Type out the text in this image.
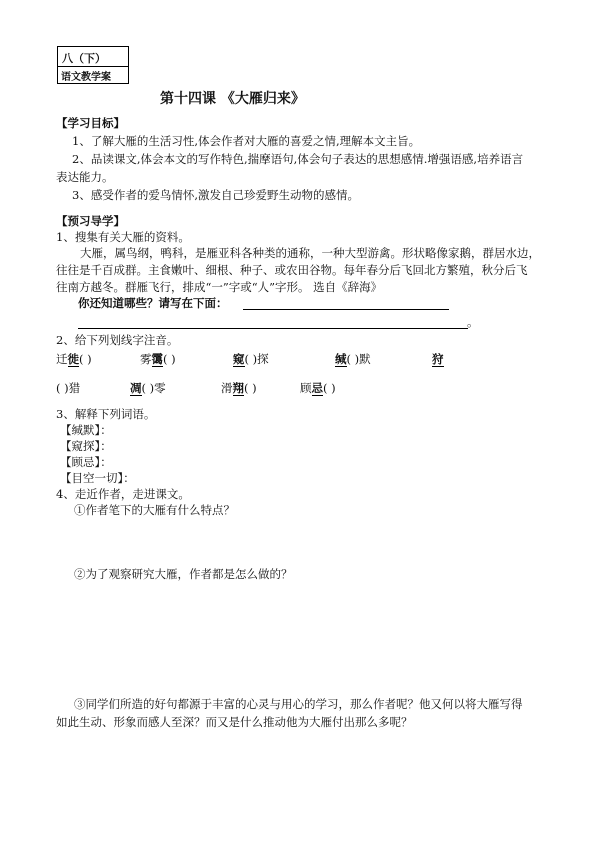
八（下）
语文教学案
第十四课 《大雁归来》
【学习目标】
1、了解大雁的生活习性,体会作者对大雁的喜爱之情,理解本文主旨。
2、品读课文,体会本文的写作特色,揣摩语句,体会句子表达的思想感情.增强语感,培养语言
表达能力。
3、感受作者的爱鸟情怀,激发自己珍爱野生动物的感情。
【预习导学】
1、搜集有关大雁的资料。
大雁，属鸟纲，鸭科，是雁亚科各种类的通称，一种大型游禽。形状略像家鹅，群居水边，
往往是千百成群。主食嫩叶、细根、种子、或农田谷物。每年春分后飞回北方繁殖，秋分后飞
往南方越冬。群雁飞行，排成“一”字或“人”字形。 选自《辞海》
你还知道哪些？请写在下面：
。
2、给下列划线字注音。
迁徙( )	雾霭( )	窥( )探	缄( )默	狩
( )猎	凋( )零	滑翔( )	顾忌( )
3、解释下列词语。
【缄默】：
【窥探】：
【顾忌】：
【目空一切】：
4、走近作者，走进课文。
①作者笔下的大雁有什么特点？
②为了观察研究大雁，作者都是怎么做的？
③同学们所造的好句都源于丰富的心灵与用心的学习，那么作者呢？他又何以将大雁写得
如此生动、形象而感人至深？而又是什么推动他为大雁付出那么多呢？
